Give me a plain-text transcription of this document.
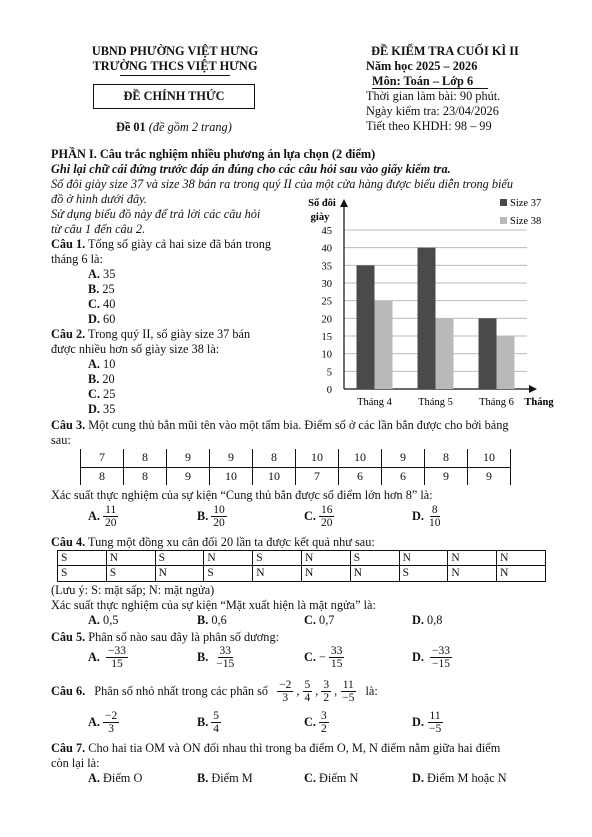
UBND PHƯỜNG VIỆT HƯNG
TRƯỜNG THCS VIỆT HƯNG
ĐỀ CHÍNH THỨC
Đề 01 (đề gồm 2 trang)
ĐỀ KIỂM TRA CUỐI KÌ II
Năm học 2025 – 2026
Môn: Toán – Lớp 6
Thời gian làm bài: 90 phút.
Ngày kiểm tra: 23/04/2026
Tiết theo KHDH: 98 – 99
PHẦN I. Câu trắc nghiệm nhiều phương án lựa chọn (2 điểm)
Ghi lại chữ cái đứng trước đáp án đúng cho các câu hỏi sau vào giấy kiểm tra.
Số đôi giày size 37 và size 38 bán ra trong quý II của một cửa hàng được biểu diễn trong biểu
đồ ở hình dưới đây.
Sử dụng biểu đồ này để trả lời các câu hỏi
từ câu 1 đến câu 2.
Câu 1. Tổng số giày cả hai size đã bán trong
tháng 6 là:
A. 35
B. 25
C. 40
D. 60
Câu 2. Trong quý II, số giày size 37 bán
được nhiều hơn số giày size 38 là:
A. 10
B. 20
C. 25
D. 35
0
5
10
15
20
25
30
35
40
45
Số đôi
giày
Tháng
Tháng 4	Tháng 5	Tháng 6
Size 37
Size 38
Câu 3. Một cung thủ bắn mũi tên vào một tấm bia. Điểm số ở các lần bắn được cho bởi bảng
sau:
7	8	9	9	8	10	10	9	8	10
8	8	9	10	10	7	6	6	9	9
Xác suất thực nghiệm của sự kiện “Cung thủ bắn được số điểm lớn hơn 8” là:
A. $\frac{11}{20}$	B. $\frac{10}{20}$	C. $\frac{16}{20}$	D. $\frac{8}{10}$
Câu 4. Tung một đồng xu cân đối 20 lần ta được kết quả như sau:
S	N	S	N	S	N	S	N	N	N
S	S	N	S	N	N	N	S	N	N
(Lưu ý: S: mặt sấp; N: mặt ngửa)
Xác suất thực nghiệm của sự kiện “Mặt xuất hiện là mặt ngửa” là:
A. 0,5	B. 0,6	C. 0,7	D. 0,8
Câu 5. Phân số nào sau đây là phân số dương:
A. $\frac{-33}{15}$	B. $\frac{33}{-15}$	C. − $\frac{33}{15}$	D. $\frac{-33}{-15}$
Câu 6.
Phân số nhỏ nhất trong các phân số
$\frac{-2}{3}$ , $\frac{5}{4}$ , $\frac{3}{2}$ , $\frac{11}{-5}$
là:
A. $\frac{-2}{3}$	B. $\frac{5}{4}$	C. $\frac{3}{2}$	D. $\frac{11}{-5}$
Câu 7. Cho hai tia OM và ON đối nhau thì trong ba điểm O, M, N điểm nằm giữa hai điểm
còn lại là:
A. Điểm O	B. Điểm M	C. Điểm N	D. Điểm M hoặc N
